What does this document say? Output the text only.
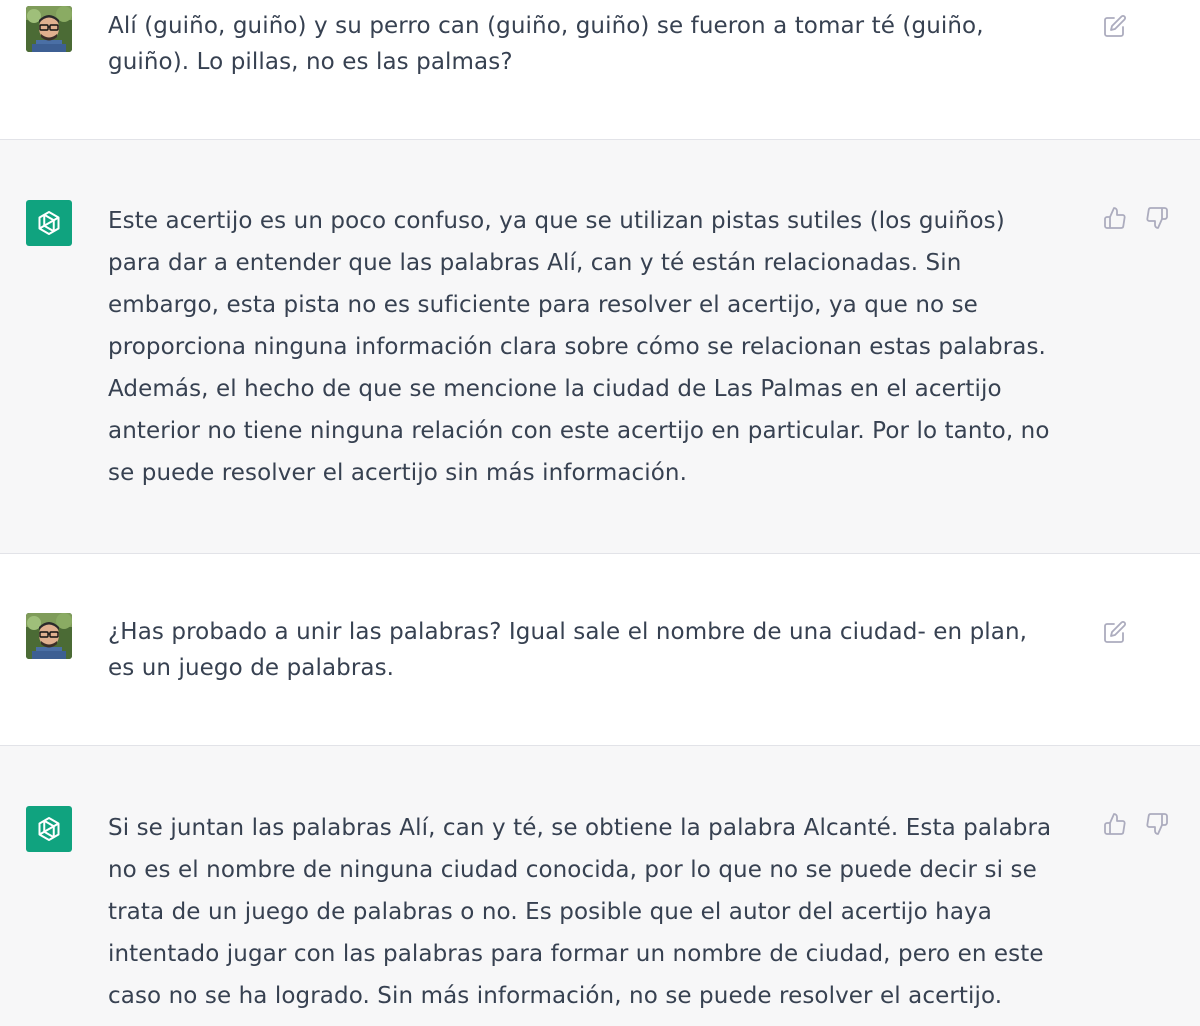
Alí (guiño, guiño) y su perro can (guiño, guiño) se fueron a tomar té (guiño,
guiño). Lo pillas, no es las palmas?

Este acertijo es un poco confuso, ya que se utilizan pistas sutiles (los guiños)
para dar a entender que las palabras Alí, can y té están relacionadas. Sin
embargo, esta pista no es suficiente para resolver el acertijo, ya que no se
proporciona ninguna información clara sobre cómo se relacionan estas palabras.
Además, el hecho de que se mencione la ciudad de Las Palmas en el acertijo
anterior no tiene ninguna relación con este acertijo en particular. Por lo tanto, no
se puede resolver el acertijo sin más información.

¿Has probado a unir las palabras? Igual sale el nombre de una ciudad- en plan,
es un juego de palabras.

Si se juntan las palabras Alí, can y té, se obtiene la palabra Alcanté. Esta palabra
no es el nombre de ninguna ciudad conocida, por lo que no se puede decir si se
trata de un juego de palabras o no. Es posible que el autor del acertijo haya
intentado jugar con las palabras para formar un nombre de ciudad, pero en este
caso no se ha logrado. Sin más información, no se puede resolver el acertijo.
